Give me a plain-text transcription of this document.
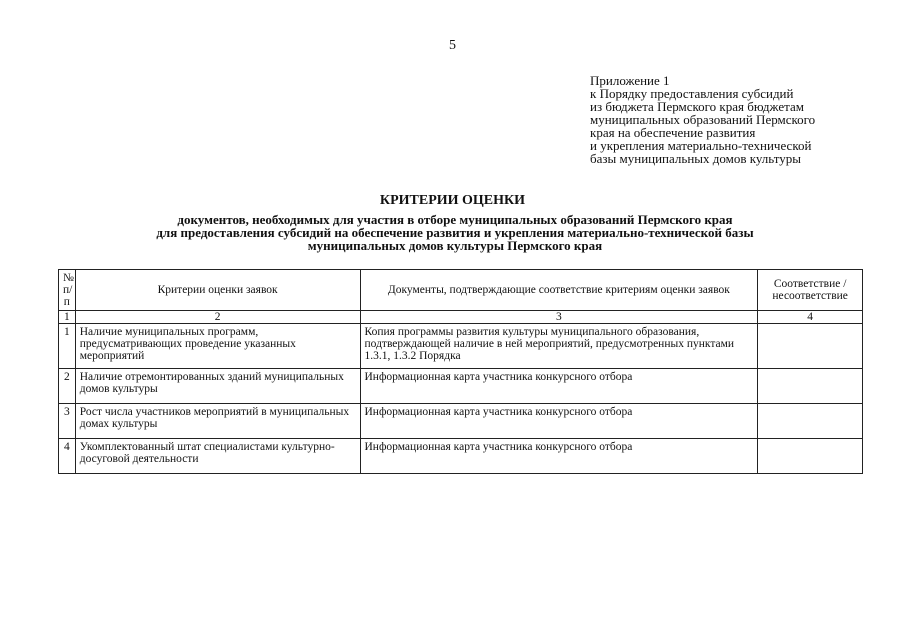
5
Приложение 1
к Порядку предоставления субсидий
из бюджета Пермского края бюджетам
муниципальных образований Пермского
края на обеспечение развития
и укрепления материально-технической
базы муниципальных домов культуры
КРИТЕРИИ ОЦЕНКИ
документов, необходимых для участия в отборе муниципальных образований Пермского края
для предоставления субсидий на обеспечение развития и укрепления материально-технической базы
муниципальных домов культуры Пермского края
№ п/п	Критерии оценки заявок	Документы, подтверждающие соответствие критериям оценки заявок	Соответствие / несоответствие
1	2	3	4
1	Наличие муниципальных программ, предусматривающих проведение указанных мероприятий	Копия программы развития культуры муниципального образования, подтверждающей наличие в ней мероприятий, предусмотренных пунктами 1.3.1, 1.3.2 Порядка	
2	Наличие отремонтированных зданий муниципальных домов культуры	Информационная карта участника конкурсного отбора	
3	Рост числа участников мероприятий в муниципальных домах культуры	Информационная карта участника конкурсного отбора	
4	Укомплектованный штат специалистами культурно-досуговой деятельности	Информационная карта участника конкурсного отбора	
